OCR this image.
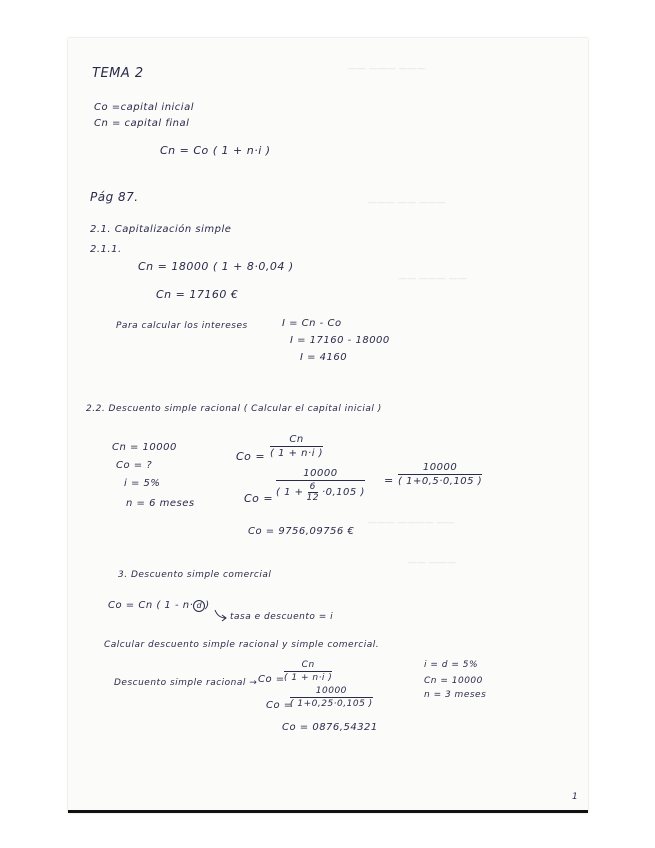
—— ——— ———
——— —— ———
—— ——— ——
——— ———— ——
—— ———
TEMA 2
Co =capital inicial
Cn = capital final
Cn = Co ( 1 + n·i )
Pág 87.
2.1. Capitalización simple
2.1.1.
Cn = 18000 ( 1 + 8·0,04 )
Cn = 17160 €
Para calcular los intereses	I = Cn - Co
I = 17160 - 18000
I = 4160
2.2. Descuento simple racional ( Calcular el capital inicial )
Cn = 10000
Co = ?
i = 5%
n = 6 meses
Co =
Cn
( 1 + n·i )
Co =
10000
( 1 + 6
12 ·0,105 )
=
10000
( 1+0,5·0,105 )
Co = 9756,09756 €
3. Descuento simple comercial
Co = Cn ( 1 - n· d )
tasa e descuento = i
Calcular descuento simple racional y simple comercial.
Descuento simple racional → Co =
Cn
( 1 + n·i )
Co =
10000
( 1+0,25·0,105 )
Co = 0876,54321
i = d = 5%
Cn = 10000
n = 3 meses
1
